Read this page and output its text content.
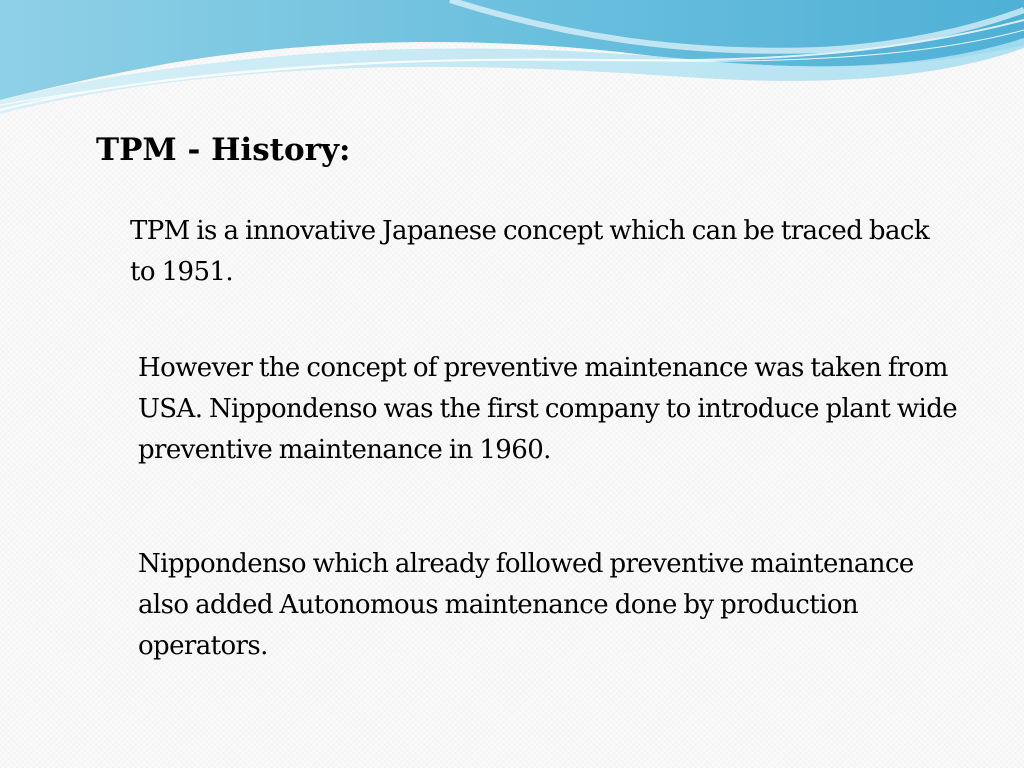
TPM - History:

TPM is a innovative Japanese concept which can be traced back to 1951.

However the concept of preventive maintenance was taken from USA. Nippondenso was the first company to introduce plant wide preventive maintenance in 1960.

Nippondenso which already followed preventive maintenance also added Autonomous maintenance done by production operators.
